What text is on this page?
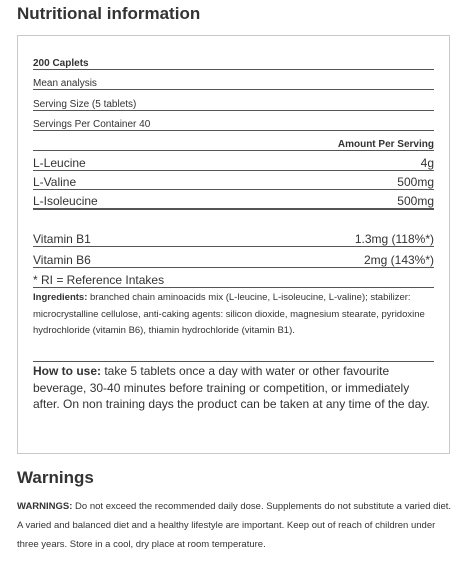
Nutritional information
200 Caplets
Mean analysis
Serving Size (5 tablets)
Servings Per Container 40
Amount Per Serving
L-Leucine	4g
L-Valine	500mg
L-Isoleucine	500mg
Vitamin B1	1.3mg (118%*)
Vitamin B6	2mg (143%*)
* RI = Reference Intakes

Ingredients: branched chain aminoacids mix (L-leucine, L-isoleucine, L-valine); stabilizer: microcrystalline cellulose, anti-caking agents: silicon dioxide, magnesium stearate, pyridoxine hydrochloride (vitamin B6), thiamin hydrochloride (vitamin B1).

How to use: take 5 tablets once a day with water or other favourite beverage, 30-40 minutes before training or competition, or immediately after. On non training days the product can be taken at any time of the day.

Warnings

WARNINGS: Do not exceed the recommended daily dose. Supplements do not substitute a varied diet. A varied and balanced diet and a healthy lifestyle are important. Keep out of reach of children under three years. Store in a cool, dry place at room temperature.
